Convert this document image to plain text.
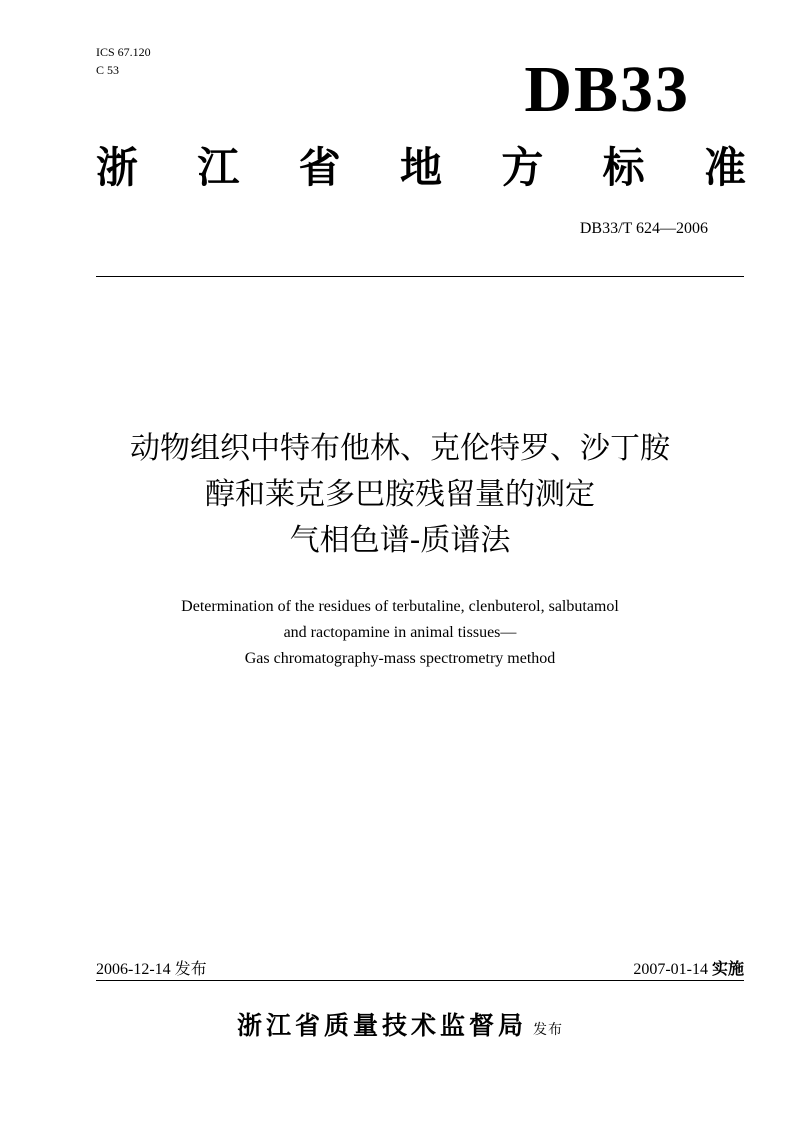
ICS 67.120
C 53	DB33
浙 江 省 地 方 标 准
DB33/T 624—2006
动物组织中特布他林、克伦特罗、沙丁胺
醇和莱克多巴胺残留量的测定
气相色谱-质谱法
Determination of the residues of terbutaline, clenbuterol, salbutamol
and ractopamine in animal tissues—
Gas chromatography-mass spectrometry method
2006-12-14 发布	2007-01-14 实施
浙江省质量技术监督局 发布
